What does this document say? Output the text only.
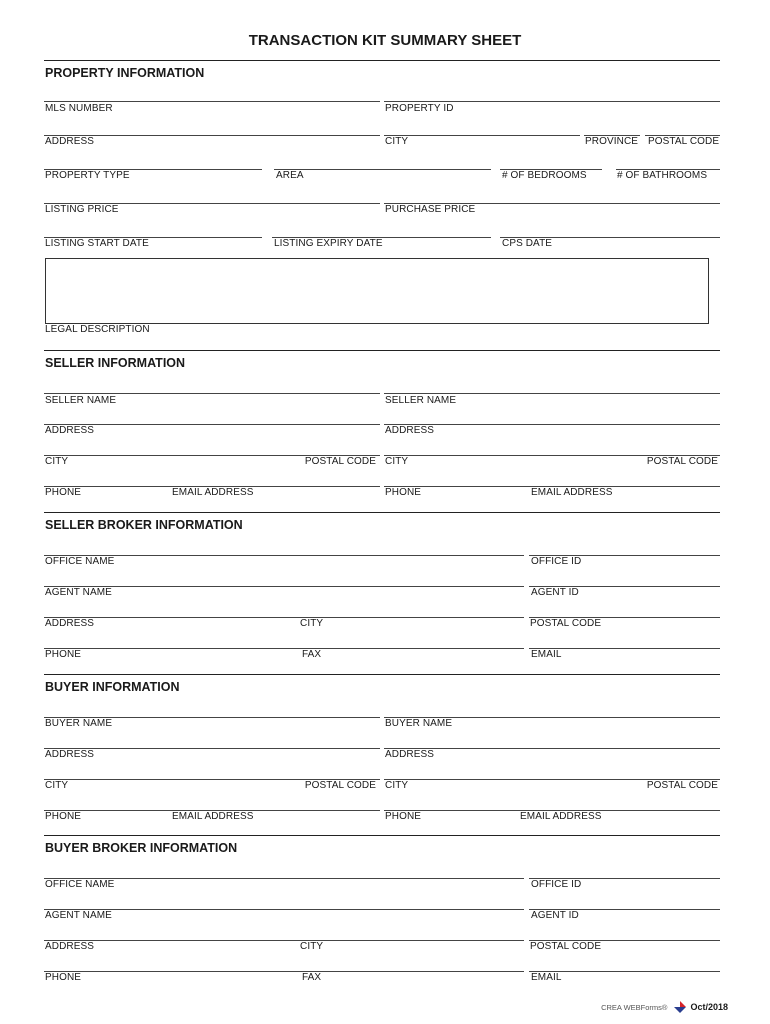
TRANSACTION KIT SUMMARY SHEET
PROPERTY INFORMATION
MLS NUMBER	PROPERTY ID
ADDRESS	CITY	PROVINCE POSTAL CODE
PROPERTY TYPE	AREA	# OF BEDROOMS	# OF BATHROOMS
LISTING PRICE	PURCHASE PRICE
LISTING START DATE	LISTING EXPIRY DATE	CPS DATE
LEGAL DESCRIPTION
SELLER INFORMATION
SELLER NAME	SELLER NAME
ADDRESS	ADDRESS
CITY	POSTAL CODE CITY	POSTAL CODE
PHONE	EMAIL ADDRESS	PHONE	EMAIL ADDRESS
SELLER BROKER INFORMATION
OFFICE NAME	OFFICE ID
AGENT NAME	AGENT ID
ADDRESS	CITY	POSTAL CODE
PHONE	FAX	EMAIL
BUYER INFORMATION
BUYER NAME	BUYER NAME
ADDRESS	ADDRESS
CITY	POSTAL CODE CITY	POSTAL CODE
PHONE	EMAIL ADDRESS	PHONE	EMAIL ADDRESS
BUYER BROKER INFORMATION
OFFICE NAME	OFFICE ID
AGENT NAME	AGENT ID
ADDRESS	CITY	POSTAL CODE
PHONE	FAX	EMAIL
CREA WEBForms®	Oct/2018
